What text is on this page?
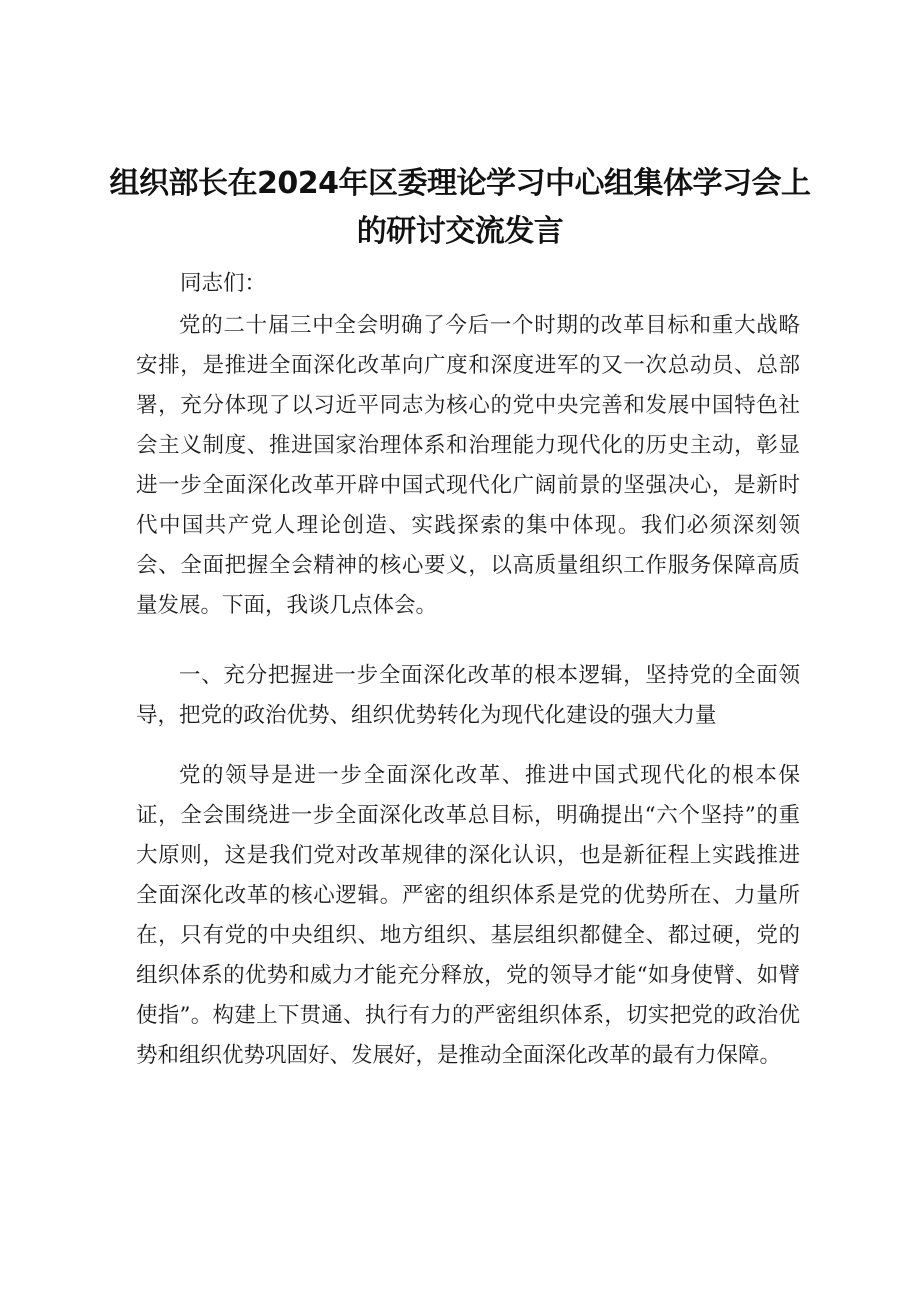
组织部长在2024年区委理论学习中心组集体学习会上的研讨交流发言

同志们：

党的二十届三中全会明确了今后一个时期的改革目标和重大战略安排，是推进全面深化改革向广度和深度进军的又一次总动员、总部署，充分体现了以习近平同志为核心的党中央完善和发展中国特色社会主义制度、推进国家治理体系和治理能力现代化的历史主动，彰显进一步全面深化改革开辟中国式现代化广阔前景的坚强决心，是新时代中国共产党人理论创造、实践探索的集中体现。我们必须深刻领会、全面把握全会精神的核心要义，以高质量组织工作服务保障高质量发展。下面，我谈几点体会。

一、充分把握进一步全面深化改革的根本逻辑，坚持党的全面领导，把党的政治优势、组织优势转化为现代化建设的强大力量

党的领导是进一步全面深化改革、推进中国式现代化的根本保证，全会围绕进一步全面深化改革总目标，明确提出“六个坚持”的重大原则，这是我们党对改革规律的深化认识，也是新征程上实践推进全面深化改革的核心逻辑。严密的组织体系是党的优势所在、力量所在，只有党的中央组织、地方组织、基层组织都健全、都过硬，党的组织体系的优势和威力才能充分释放，党的领导才能“如身使臂、如臂使指”。构建上下贯通、执行有力的严密组织体系，切实把党的政治优势和组织优势巩固好、发展好，是推动全面深化改革的最有力保障。
